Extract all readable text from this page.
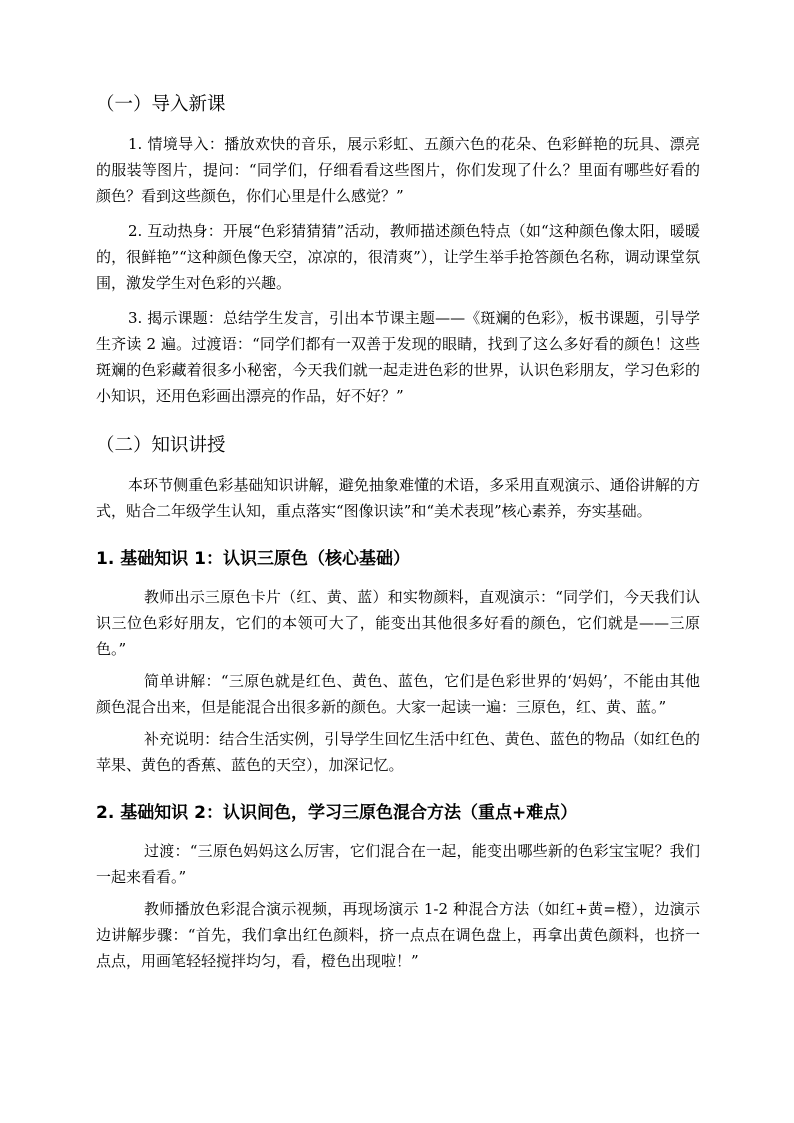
（一）导入新课

1. 情境导入：播放欢快的音乐，展示彩虹、五颜六色的花朵、色彩鲜艳的玩具、漂亮的服装等图片，提问：“同学们，仔细看看这些图片，你们发现了什么？里面有哪些好看的颜色？看到这些颜色，你们心里是什么感觉？”

2. 互动热身：开展“色彩猜猜猜”活动，教师描述颜色特点（如“这种颜色像太阳，暖暖的，很鲜艳”“这种颜色像天空，凉凉的，很清爽”），让学生举手抢答颜色名称，调动课堂氛围，激发学生对色彩的兴趣。

3. 揭示课题：总结学生发言，引出本节课主题——《斑斓的色彩》，板书课题，引导学生齐读 2 遍。过渡语：“同学们都有一双善于发现的眼睛，找到了这么多好看的颜色！这些斑斓的色彩藏着很多小秘密，今天我们就一起走进色彩的世界，认识色彩朋友，学习色彩的小知识，还用色彩画出漂亮的作品，好不好？”

（二）知识讲授

本环节侧重色彩基础知识讲解，避免抽象难懂的术语，多采用直观演示、通俗讲解的方式，贴合二年级学生认知，重点落实“图像识读”和“美术表现”核心素养，夯实基础。

1. 基础知识 1：认识三原色（核心基础）

教师出示三原色卡片（红、黄、蓝）和实物颜料，直观演示：“同学们，今天我们认识三位色彩好朋友，它们的本领可大了，能变出其他很多好看的颜色，它们就是——三原色。”

简单讲解：“三原色就是红色、黄色、蓝色，它们是色彩世界的‘妈妈’，不能由其他颜色混合出来，但是能混合出很多新的颜色。大家一起读一遍：三原色，红、黄、蓝。”

补充说明：结合生活实例，引导学生回忆生活中红色、黄色、蓝色的物品（如红色的苹果、黄色的香蕉、蓝色的天空），加深记忆。

2. 基础知识 2：认识间色，学习三原色混合方法（重点+难点）

过渡：“三原色妈妈这么厉害，它们混合在一起，能变出哪些新的色彩宝宝呢？我们一起来看看。”

教师播放色彩混合演示视频，再现场演示 1-2 种混合方法（如红+黄=橙），边演示边讲解步骤：“首先，我们拿出红色颜料，挤一点点在调色盘上，再拿出黄色颜料，也挤一点点，用画笔轻轻搅拌均匀，看，橙色出现啦！”
